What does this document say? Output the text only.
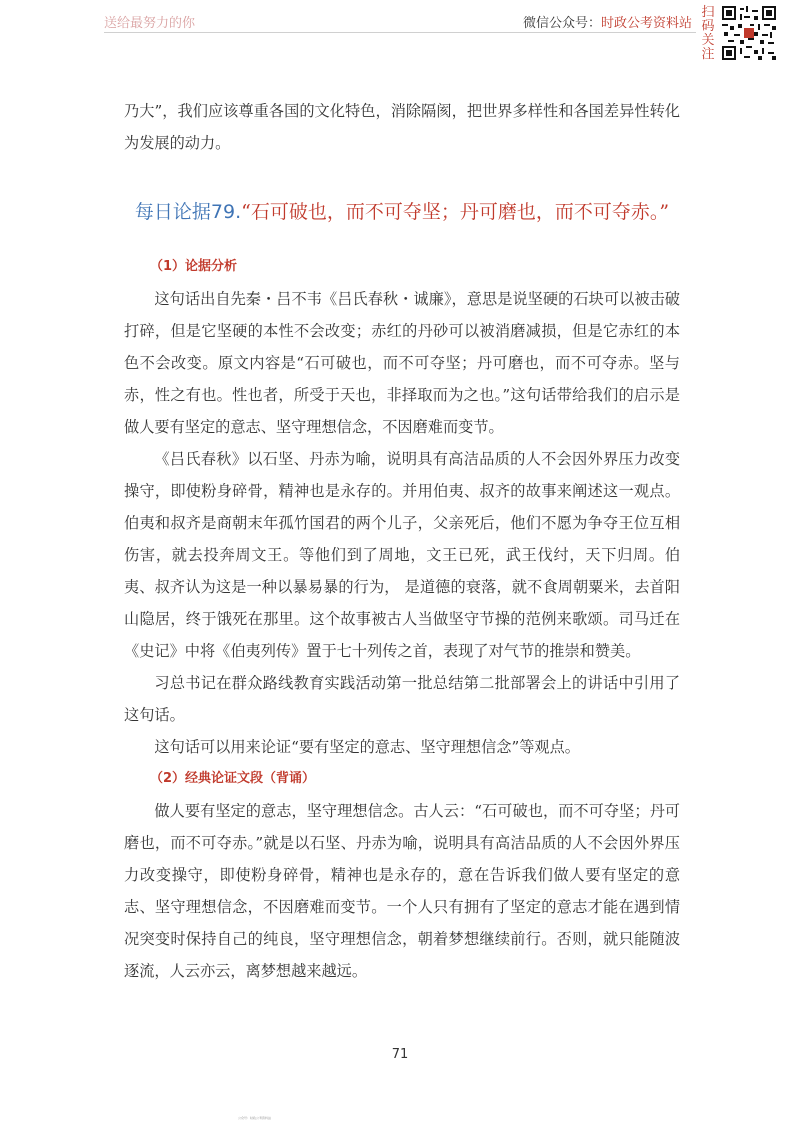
送给最努力的你	微信公众号：时政公考资料站
扫码关注

乃大”，我们应该尊重各国的文化特色，消除隔阂，把世界多样性和各国差异性转化为发展的动力。

每日论据79.“石可破也，而不可夺坚；丹可磨也，而不可夺赤。”

（1）论据分析

这句话出自先秦・吕不韦《吕氏春秋・诚廉》，意思是说坚硬的石块可以被击破打碎，但是它坚硬的本性不会改变；赤红的丹砂可以被消磨减损，但是它赤红的本色不会改变。原文内容是“石可破也，而不可夺坚；丹可磨也，而不可夺赤。坚与赤，性之有也。性也者，所受于天也，非择取而为之也。”这句话带给我们的启示是做人要有坚定的意志、坚守理想信念，不因磨难而变节。

《吕氏春秋》以石坚、丹赤为喻，说明具有高洁品质的人不会因外界压力改变操守，即使粉身碎骨，精神也是永存的。并用伯夷、叔齐的故事来阐述这一观点。伯夷和叔齐是商朝末年孤竹国君的两个儿子，父亲死后，他们不愿为争夺王位互相伤害，就去投奔周文王。等他们到了周地，文王已死，武王伐纣，天下归周。伯夷、叔齐认为这是一种以暴易暴的行为， 是道德的衰落，就不食周朝粟米，去首阳山隐居，终于饿死在那里。这个故事被古人当做坚守节操的范例来歌颂。司马迁在《史记》中将《伯夷列传》置于七十列传之首，表现了对气节的推崇和赞美。

习总书记在群众路线教育实践活动第一批总结第二批部署会上的讲话中引用了这句话。

这句话可以用来论证“要有坚定的意志、坚守理想信念”等观点。

（2）经典论证文段（背诵）

做人要有坚定的意志，坚守理想信念。古人云：“石可破也，而不可夺坚；丹可磨也，而不可夺赤。”就是以石坚、丹赤为喻，说明具有高洁品质的人不会因外界压力改变操守，即使粉身碎骨，精神也是永存的，意在告诉我们做人要有坚定的意志、坚守理想信念，不因磨难而变节。一个人只有拥有了坚定的意志才能在遇到情况突变时保持自己的纯良，坚守理想信念，朝着梦想继续前行。否则，就只能随波逐流，人云亦云，离梦想越来越远。

71
公众号：时政公考资料站
